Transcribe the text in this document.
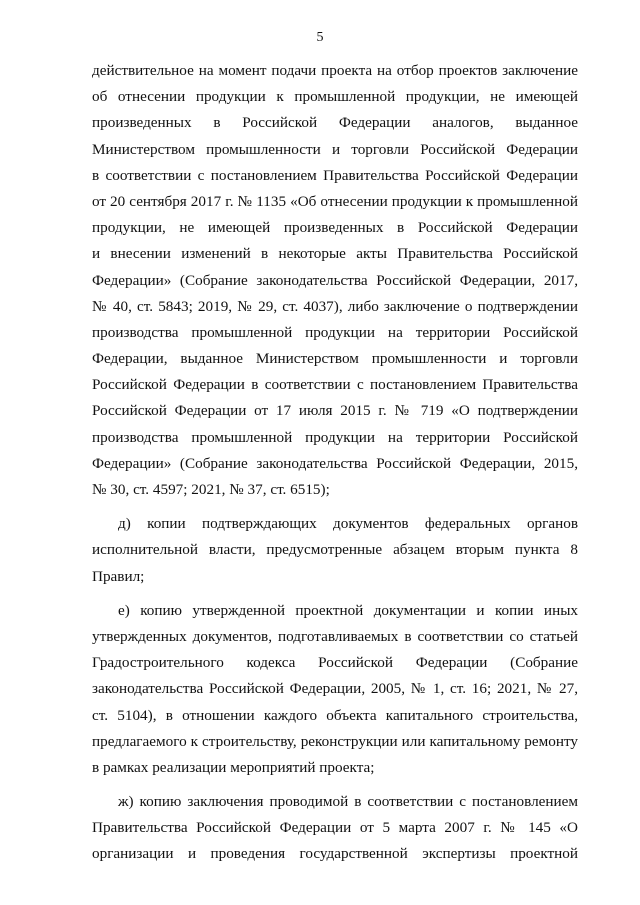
5
действительное на момент подачи проекта на отбор проектов заключение
об отнесении продукции к промышленной продукции, не имеющей
произведенных в Российской Федерации аналогов, выданное
Министерством промышленности и торговли Российской Федерации
в соответствии с постановлением Правительства Российской Федерации
от 20 сентября 2017 г. № 1135 «Об отнесении продукции к промышленной
продукции, не имеющей произведенных в Российской Федерации
и внесении изменений в некоторые акты Правительства Российской
Федерации» (Собрание законодательства Российской Федерации, 2017,
№ 40, ст. 5843; 2019, № 29, ст. 4037), либо заключение о подтверждении
производства промышленной продукции на территории Российской
Федерации, выданное Министерством промышленности и торговли
Российской Федерации в соответствии с постановлением Правительства
Российской Федерации от 17 июля 2015 г. № 719 «О подтверждении
производства промышленной продукции на территории Российской
Федерации» (Собрание законодательства Российской Федерации, 2015,
№ 30, ст. 4597; 2021, № 37, ст. 6515);
д) копии подтверждающих документов федеральных органов
исполнительной власти, предусмотренные абзацем вторым пункта 8
Правил;
е) копию утвержденной проектной документации и копии иных
утвержденных документов, подготавливаемых в соответствии со статьей
Градостроительного кодекса Российской Федерации (Собрание
законодательства Российской Федерации, 2005, № 1, ст. 16; 2021, № 27,
ст. 5104), в отношении каждого объекта капитального строительства,
предлагаемого к строительству, реконструкции или капитальному ремонту
в рамках реализации мероприятий проекта;
ж) копию заключения проводимой в соответствии с постановлением
Правительства Российской Федерации от 5 марта 2007 г. № 145 «О
организации и проведения государственной экспертизы проектной
